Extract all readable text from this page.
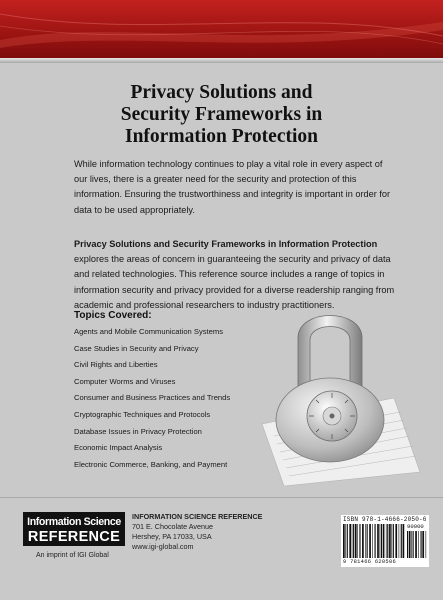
Privacy Solutions and
Security Frameworks in
Information Protection

While information technology continues to play a vital role in every aspect of our lives, there is a greater need for the security and protection of this information. Ensuring the trustworthiness and integrity is important in order for data to be used appropriately.

Privacy Solutions and Security Frameworks in Information Protection explores the areas of concern in guaranteeing the security and privacy of data and related technologies. This reference source includes a range of topics in information security and privacy provided for a diverse readership ranging from academic and professional researchers to industry practitioners.

Topics Covered:
Agents and Mobile Communication Systems
Case Studies in Security and Privacy
Civil Rights and Liberties
Computer Worms and Viruses
Consumer and Business Practices and Trends
Cryptographic Techniques and Protocols
Database Issues in Privacy Protection
Economic Impact Analysis
Electronic Commerce, Banking, and Payment
Information Science
REFERENCE
An imprint of IGI Global
INFORMATION SCIENCE REFERENCE
701 E. Chocolate Avenue
Hershey, PA 17033, USA
www.igi-global.com
ISBN 978-1-4666-2050-6
90000
9 781466 620506
